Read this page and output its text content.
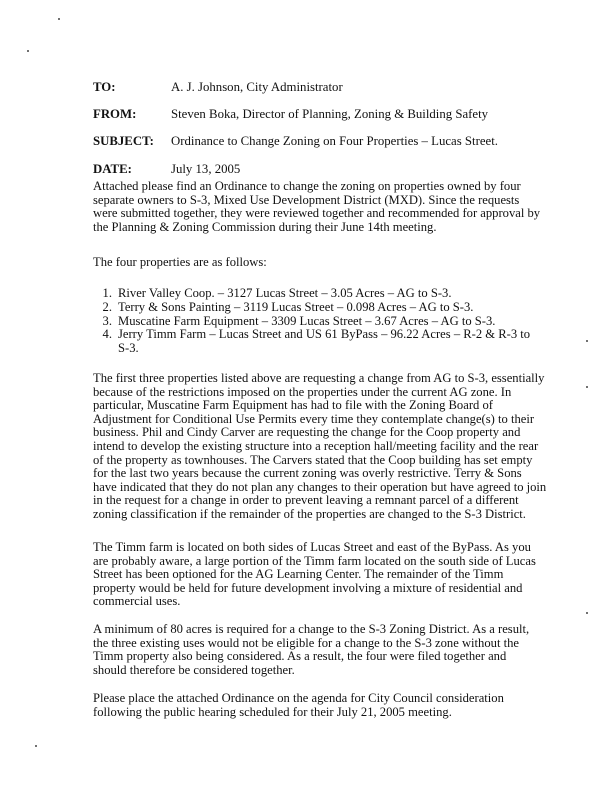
TO:	A. J. Johnson, City Administrator
FROM:	Steven Boka, Director of Planning, Zoning & Building Safety
SUBJECT: Ordinance to Change Zoning on Four Properties – Lucas Street.
DATE:	July 13, 2005
Attached please find an Ordinance to change the zoning on properties owned by four
separate owners to S-3, Mixed Use Development District (MXD). Since the requests
were submitted together, they were reviewed together and recommended for approval by
the Planning & Zoning Commission during their June 14th meeting.
The four properties are as follows:
1. River Valley Coop. – 3127 Lucas Street – 3.05 Acres – AG to S-3.
2. Terry & Sons Painting – 3119 Lucas Street – 0.098 Acres – AG to S-3.
3. Muscatine Farm Equipment – 3309 Lucas Street – 3.67 Acres – AG to S-3.
4. Jerry Timm Farm – Lucas Street and US 61 ByPass – 96.22 Acres – R-2 & R-3 to
S-3.
The first three properties listed above are requesting a change from AG to S-3, essentially
because of the restrictions imposed on the properties under the current AG zone. In
particular, Muscatine Farm Equipment has had to file with the Zoning Board of
Adjustment for Conditional Use Permits every time they contemplate change(s) to their
business. Phil and Cindy Carver are requesting the change for the Coop property and
intend to develop the existing structure into a reception hall/meeting facility and the rear
of the property as townhouses. The Carvers stated that the Coop building has set empty
for the last two years because the current zoning was overly restrictive. Terry & Sons
have indicated that they do not plan any changes to their operation but have agreed to join
in the request for a change in order to prevent leaving a remnant parcel of a different
zoning classification if the remainder of the properties are changed to the S-3 District.
The Timm farm is located on both sides of Lucas Street and east of the ByPass. As you
are probably aware, a large portion of the Timm farm located on the south side of Lucas
Street has been optioned for the AG Learning Center. The remainder of the Timm
property would be held for future development involving a mixture of residential and
commercial uses.
A minimum of 80 acres is required for a change to the S-3 Zoning District. As a result,
the three existing uses would not be eligible for a change to the S-3 zone without the
Timm property also being considered. As a result, the four were filed together and
should therefore be considered together.
Please place the attached Ordinance on the agenda for City Council consideration
following the public hearing scheduled for their July 21, 2005 meeting.
